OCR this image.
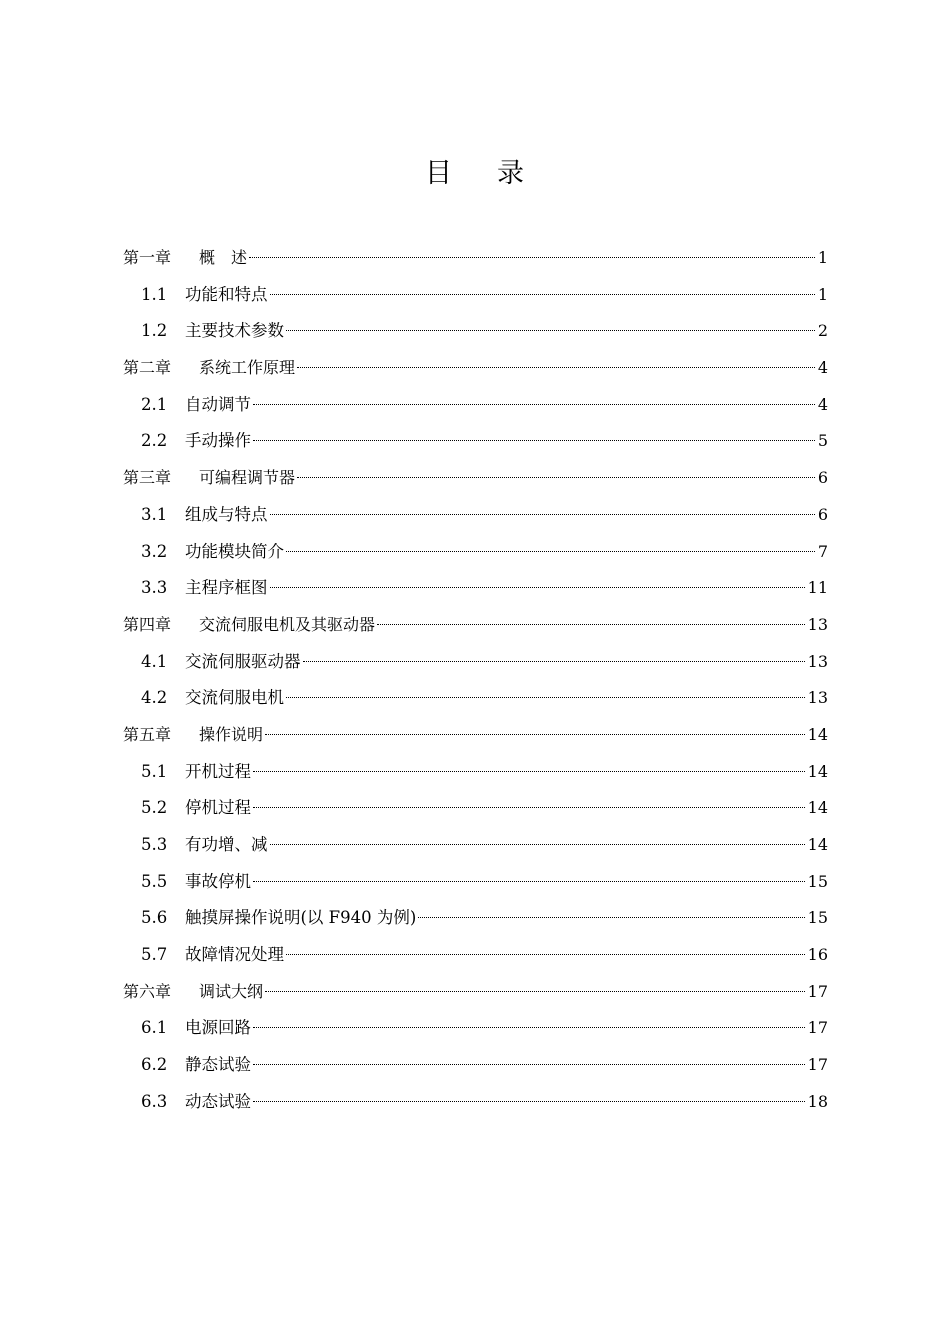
目 录
第一章	概　述	1
1.1	功能和特点	1
1.2	主要技术参数	2
第二章	系统工作原理	4
2.1	自动调节	4
2.2	手动操作	5
第三章	可编程调节器	6
3.1	组成与特点	6
3.2	功能模块简介	7
3.3	主程序框图	11
第四章	交流伺服电机及其驱动器	13
4.1	交流伺服驱动器	13
4.2	交流伺服电机	13
第五章	操作说明	14
5.1	开机过程	14
5.2	停机过程	14
5.3	有功增、减	14
5.5	事故停机	15
5.6	触摸屏操作说明(以 F940 为例)	15
5.7	故障情况处理	16
第六章	调试大纲	17
6.1	电源回路	17
6.2	静态试验	17
6.3	动态试验	18
